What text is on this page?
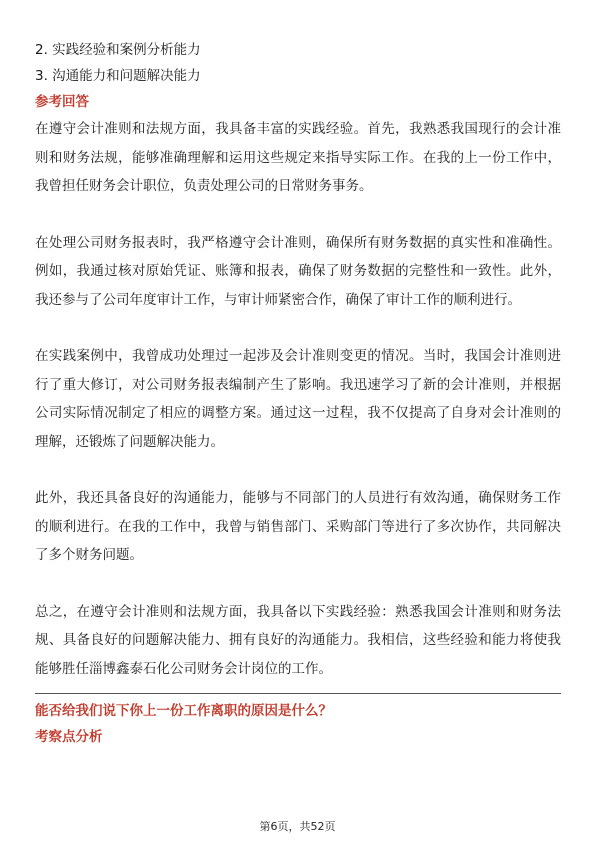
2. 实践经验和案例分析能力
3. 沟通能力和问题解决能力
参考回答

在遵守会计准则和法规方面，我具备丰富的实践经验。首先，我熟悉我国现行的会计准则和财务法规，能够准确理解和运用这些规定来指导实际工作。在我的上一份工作中，我曾担任财务会计职位，负责处理公司的日常财务事务。

在处理公司财务报表时，我严格遵守会计准则，确保所有财务数据的真实性和准确性。例如，我通过核对原始凭证、账簿和报表，确保了财务数据的完整性和一致性。此外，我还参与了公司年度审计工作，与审计师紧密合作，确保了审计工作的顺利进行。

在实践案例中，我曾成功处理过一起涉及会计准则变更的情况。当时，我国会计准则进行了重大修订，对公司财务报表编制产生了影响。我迅速学习了新的会计准则，并根据公司实际情况制定了相应的调整方案。通过这一过程，我不仅提高了自身对会计准则的理解，还锻炼了问题解决能力。

此外，我还具备良好的沟通能力，能够与不同部门的人员进行有效沟通，确保财务工作的顺利进行。在我的工作中，我曾与销售部门、采购部门等进行了多次协作，共同解决了多个财务问题。

总之，在遵守会计准则和法规方面，我具备以下实践经验：熟悉我国会计准则和财务法规、具备良好的问题解决能力、拥有良好的沟通能力。我相信，这些经验和能力将使我能够胜任淄博鑫泰石化公司财务会计岗位的工作。

能否给我们说下你上一份工作离职的原因是什么？
考察点分析
第6页，共52页
